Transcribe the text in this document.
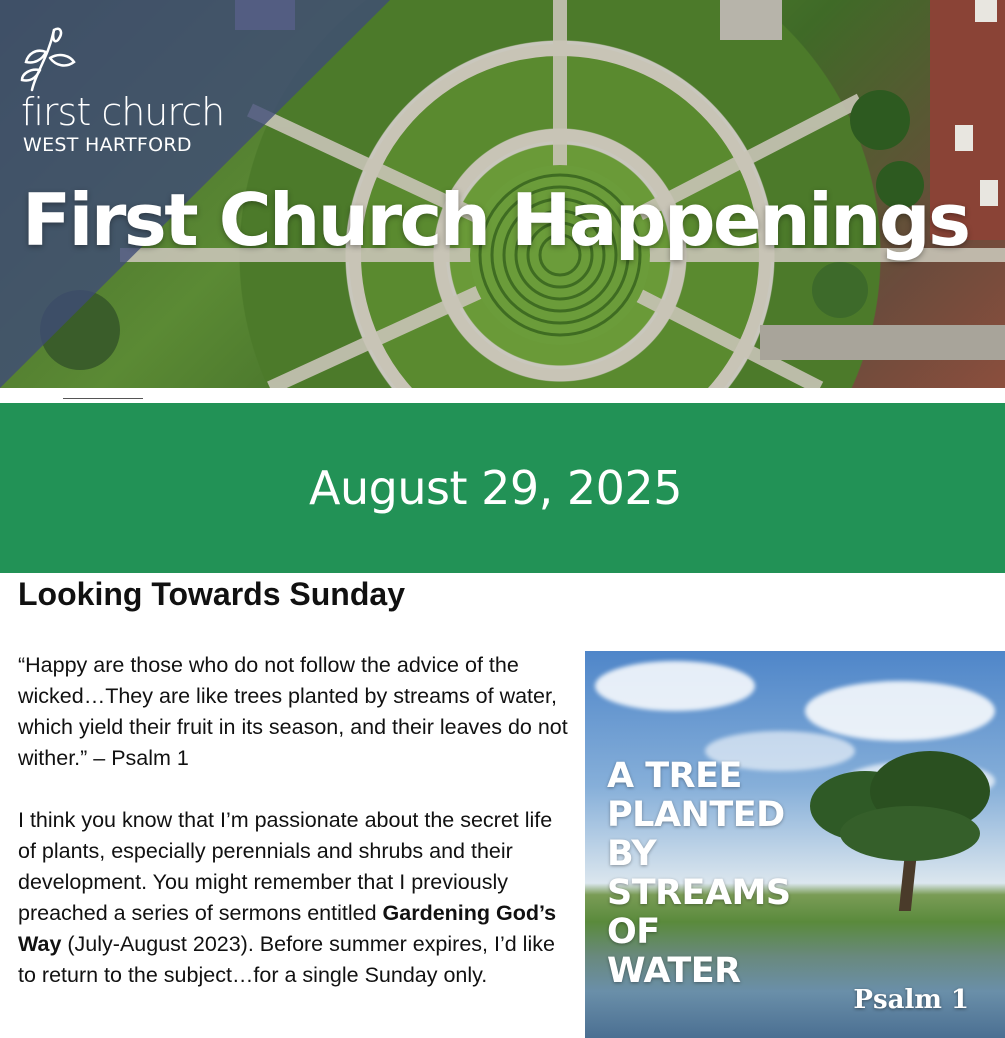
first church
WEST HARTFORD
First Church Happenings
August 29, 2025
Looking Towards Sunday

“Happy are those who do not follow the advice of the wicked…They are like trees planted by streams of water, which yield their fruit in its season, and their leaves do not wither.” – Psalm 1

I think you know that I’m passionate about the secret life of plants, especially perennials and shrubs and their development. You might remember that I previously preached a series of sermons entitled Gardening God’s Way (July-August 2023). Before summer expires, I’d like to return to the subject…for a single Sunday only.

A TREE
PLANTED
BY
STREAMS
OF
WATER
Psalm 1
